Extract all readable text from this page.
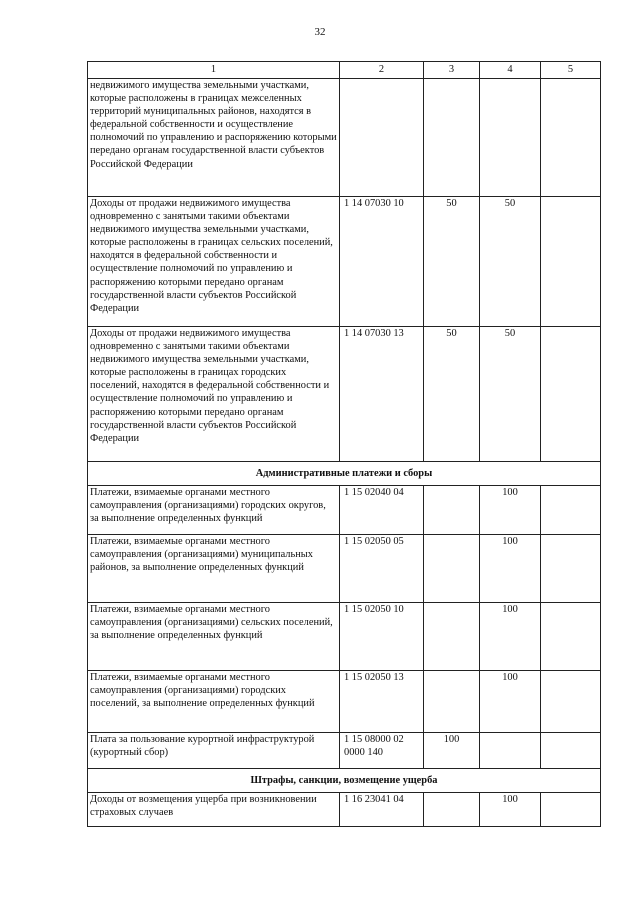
32
1	2	3	4	5
недвижимого имущества земельными участками, которые расположены в границах межселенных территорий муниципальных районов, находятся в федеральной собственности и осуществление полномочий по управлению и распоряжению которыми передано органам государственной власти субъектов Российской Федерации				
Доходы от продажи недвижимого имущества одновременно с занятыми такими объектами недвижимого имущества земельными участками, которые расположены в границах сельских поселений, находятся в федеральной собственности и осуществление полномочий по управлению и распоряжению которыми передано органам государственной власти субъектов Российской Федерации	1 14 07030 10	50	50	
Доходы от продажи недвижимого имущества одновременно с занятыми такими объектами недвижимого имущества земельными участками, которые расположены в границах городских поселений, находятся в федеральной собственности и осуществление полномочий по управлению и распоряжению которыми передано органам государственной власти субъектов Российской Федерации	1 14 07030 13	50	50	
Административные платежи и сборы				
Платежи, взимаемые органами местного самоуправления (организациями) городских округов, за выполнение определенных функций	1 15 02040 04		100	
Платежи, взимаемые органами местного самоуправления (организациями) муниципальных районов, за выполнение определенных функций	1 15 02050 05		100	
Платежи, взимаемые органами местного самоуправления (организациями) сельских поселений, за выполнение определенных функций	1 15 02050 10		100	
Платежи, взимаемые органами местного самоуправления (организациями) городских поселений, за выполнение определенных функций	1 15 02050 13		100	
Плата за пользование курортной инфраструктурой (курортный сбор)	1 15 08000 02 0000 140	100		
Штрафы, санкции, возмещение ущерба				
Доходы от возмещения ущерба при возникновении страховых случаев	1 16 23041 04		100	
